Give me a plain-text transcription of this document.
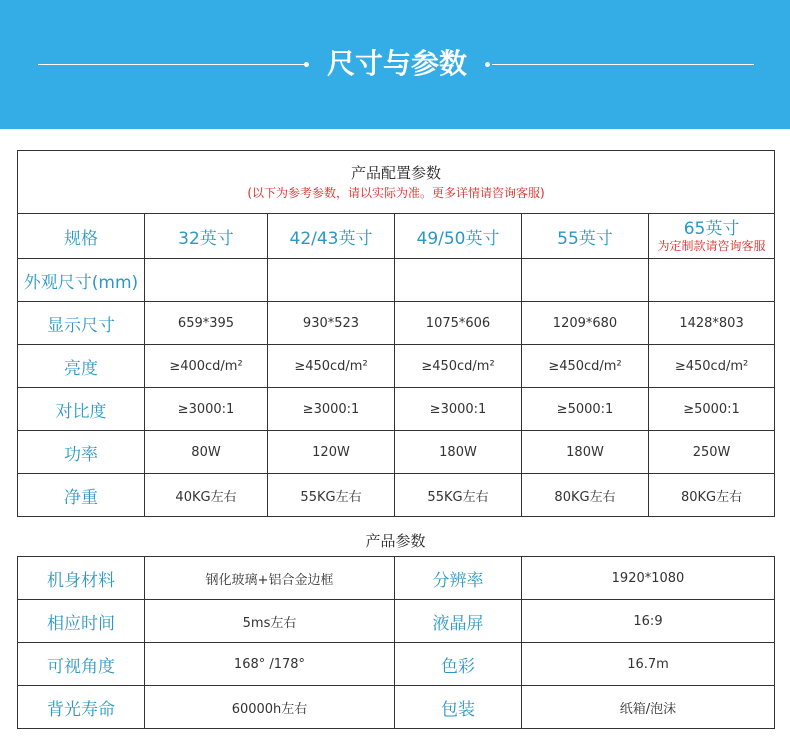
尺寸与参数
产品配置参数
(以下为参考参数，请以实际为准。更多详情请咨询客服)					

规格	32英寸	42/43英寸	49/50英寸	55英寸	65英寸
为定制款请咨询客服

外观尺寸(mm)					
显示尺寸	659*395	930*523	1075*606	1209*680	1428*803
亮度	≥400cd/m²	≥450cd/m²	≥450cd/m²	≥450cd/m²	≥450cd/m²
对比度	≥3000:1	≥3000:1	≥3000:1	≥5000:1	≥5000:1
功率	80W	120W	180W	180W	250W
净重	40KG左右	55KG左右	55KG左右	80KG左右	80KG左右
产品参数
机身材料	钢化玻璃+铝合金边框	分辨率	1920*1080
相应时间	5ms左右	液晶屏	16:9
可视角度	168° /178°	色彩	16.7m
背光寿命	60000h左右	包装	纸箱/泡沫
